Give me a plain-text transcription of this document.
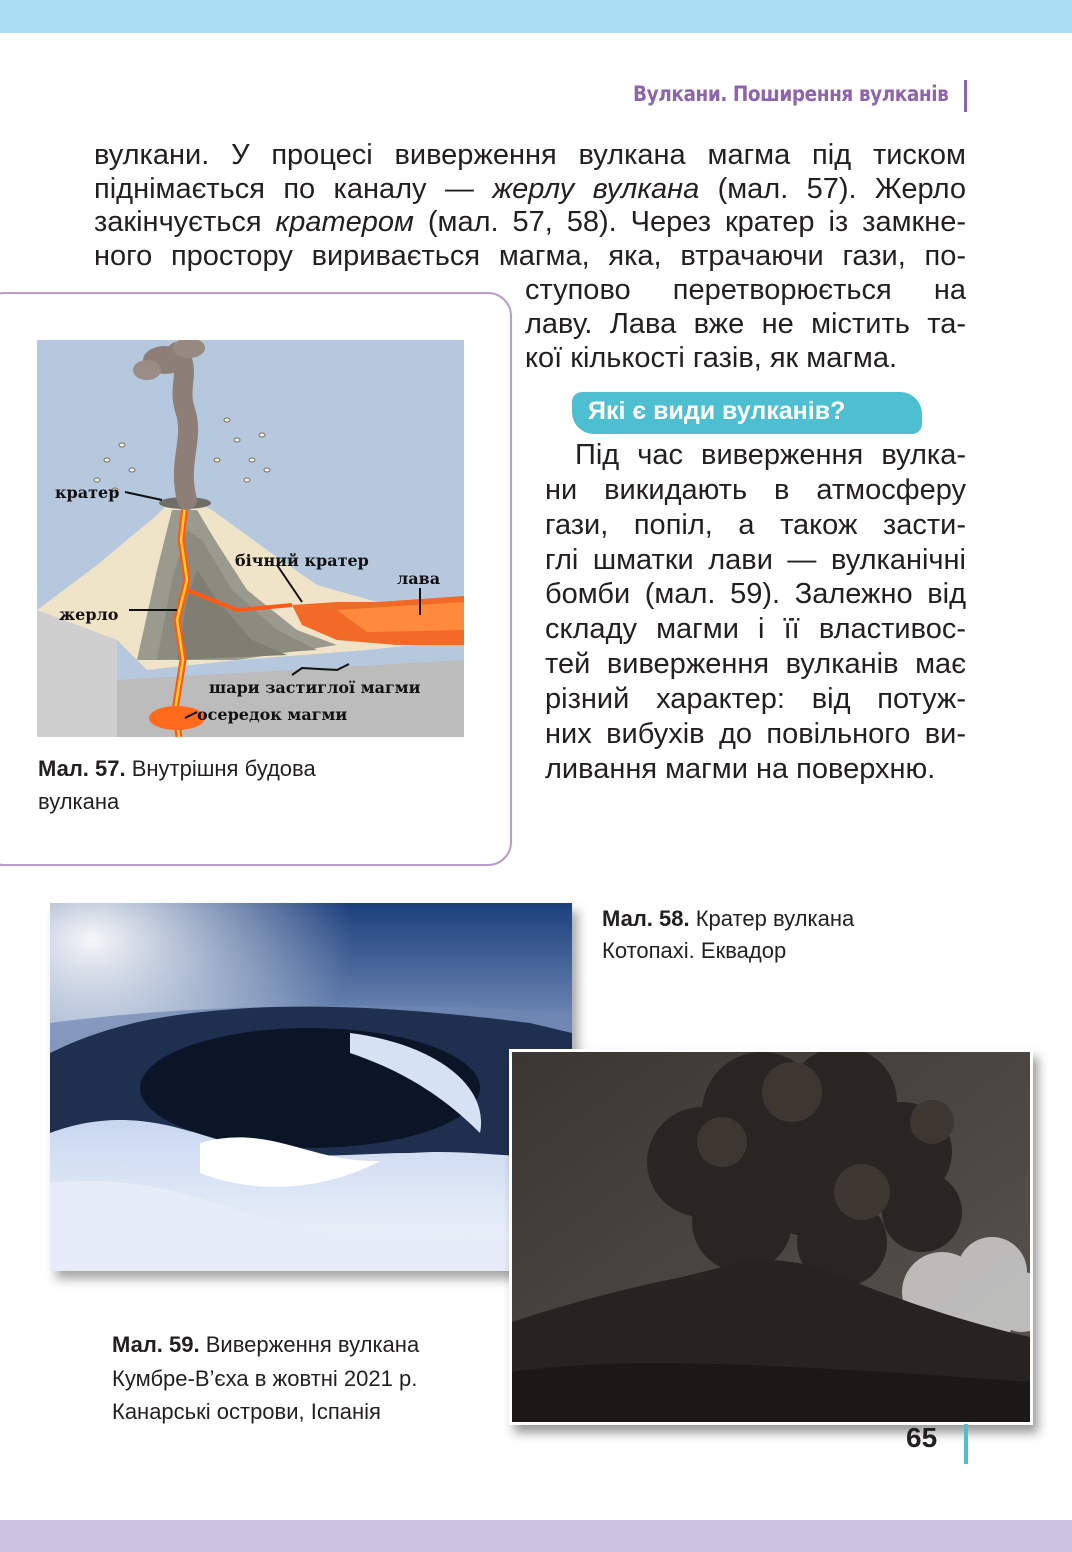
Вулкани. Поширення вулканів
вулкани. У процесі виверження вулкана магма під тиском
піднімається по каналу — жерлу вулкана (мал. 57). Жерло
закінчується кратером (мал. 57, 58). Через кратер із замкне-
ного простору виривається магма, яка, втрачаючи гази, по-
ступово перетворюється на
лаву. Лава вже не містить та-
кої кількості газів, як магма.
кратер
бічний кратер
лава
жерло
шари застиглої магми
осередок магми
Мал. 57. Внутрішня будова
вулкана
Які є види вулканів?
Під час виверження вулка-
ни викидають в атмосферу
гази, попіл, а також засти-
глі шматки лави — вулканічні
бомби (мал. 59). Залежно від
складу магми і її властивос-
тей виверження вулканів має
різний характер: від потуж-
них вибухів до повільного ви-
ливання магми на поверхню.
Мал. 58. Кратер вулкана
Котопахі. Еквадор
Мал. 59. Виверження вулкана
Кумбре-В’єха в жовтні 2021 р.
Канарські острови, Іспанія
65
